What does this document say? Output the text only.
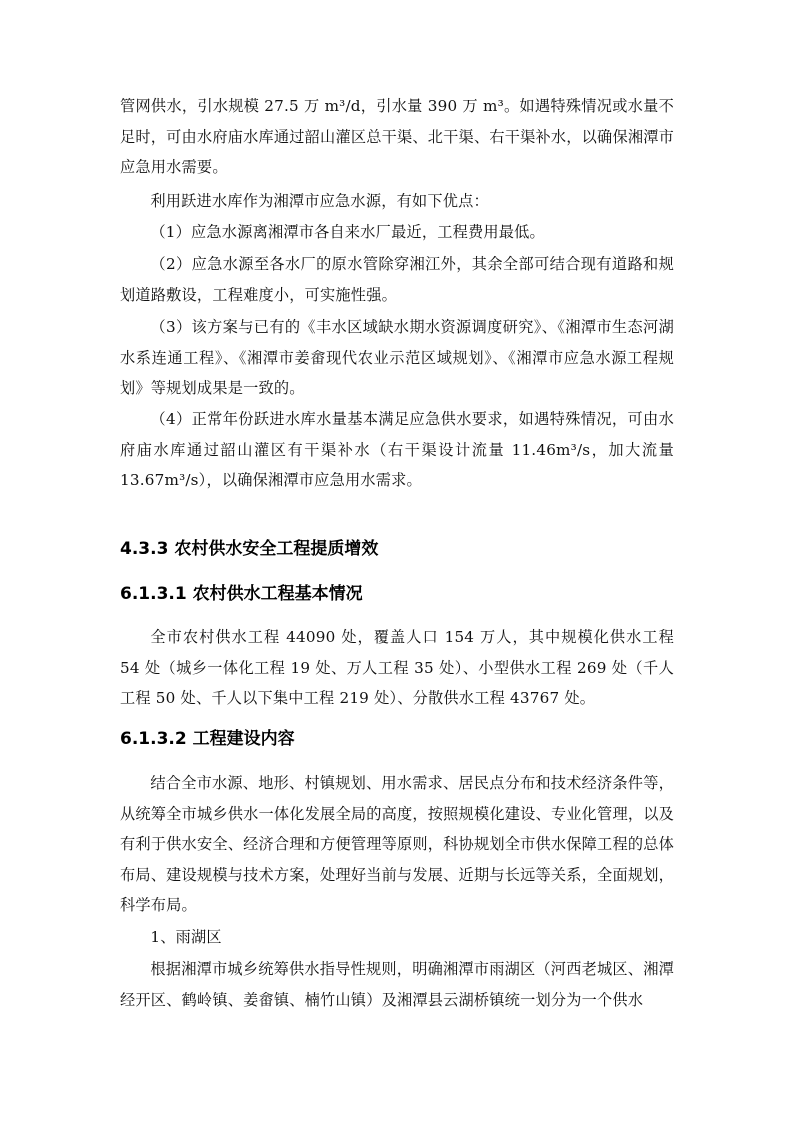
管网供水，引水规模 27.5 万 m³/d，引水量 390 万 m³。如遇特殊情况或水量不足时，可由水府庙水库通过韶山灌区总干渠、北干渠、右干渠补水，以确保湘潭市应急用水需要。

利用跃进水库作为湘潭市应急水源，有如下优点：

（1）应急水源离湘潭市各自来水厂最近，工程费用最低。

（2）应急水源至各水厂的原水管除穿湘江外，其余全部可结合现有道路和规划道路敷设，工程难度小，可实施性强。

（3）该方案与已有的《丰水区域缺水期水资源调度研究》、《湘潭市生态河湖水系连通工程》、《湘潭市姜畲现代农业示范区域规划》、《湘潭市应急水源工程规划》等规划成果是一致的。

（4）正常年份跃进水库水量基本满足应急供水要求，如遇特殊情况，可由水府庙水库通过韶山灌区有干渠补水（右干渠设计流量 11.46m³/s，加大流量 13.67m³/s），以确保湘潭市应急用水需求。

4.3.3 农村供水安全工程提质增效
6.1.3.1 农村供水工程基本情况

全市农村供水工程 44090 处，覆盖人口 154 万人，其中规模化供水工程 54 处（城乡一体化工程 19 处、万人工程 35 处）、小型供水工程 269 处（千人工程 50 处、千人以下集中工程 219 处）、分散供水工程 43767 处。

6.1.3.2 工程建设内容

结合全市水源、地形、村镇规划、用水需求、居民点分布和技术经济条件等，从统筹全市城乡供水一体化发展全局的高度，按照规模化建设、专业化管理，以及有利于供水安全、经济合理和方便管理等原则，科协规划全市供水保障工程的总体布局、建设规模与技术方案，处理好当前与发展、近期与长远等关系，全面规划，科学布局。

1、雨湖区

根据湘潭市城乡统筹供水指导性规则，明确湘潭市雨湖区（河西老城区、湘潭经开区、鹤岭镇、姜畲镇、楠竹山镇）及湘潭县云湖桥镇统一划分为一个供水
